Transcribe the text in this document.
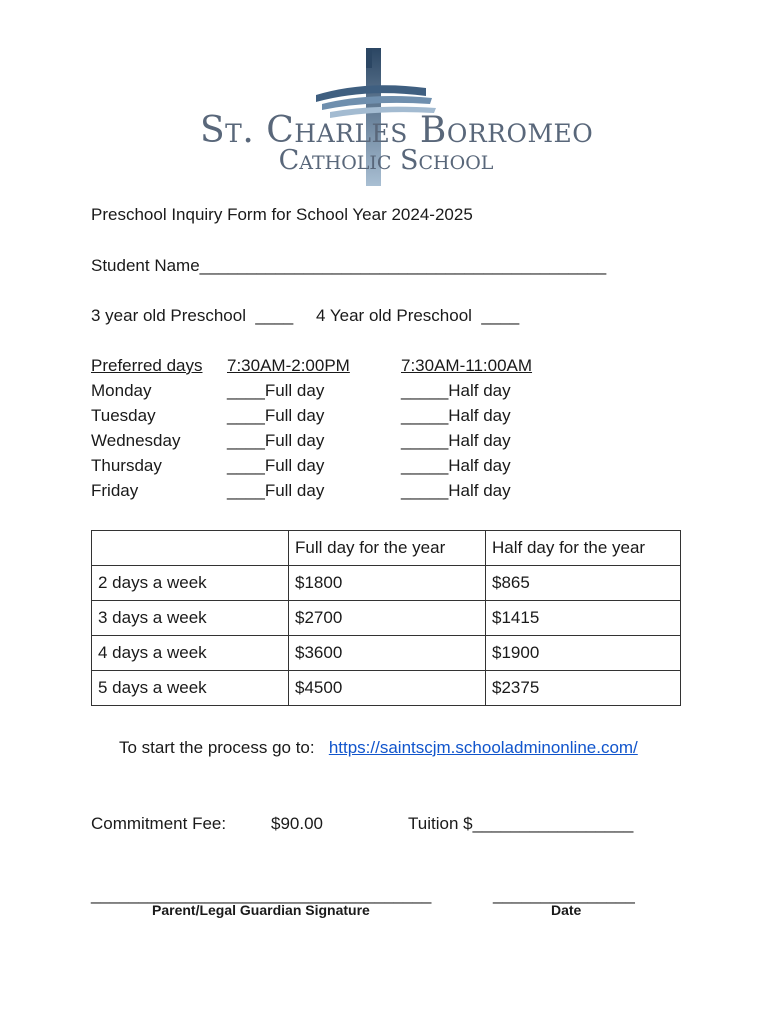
St. Charles Borromeo
Catholic School
Preschool Inquiry Form for School Year 2024-2025
Student Name___________________________________________
3 year old Preschool  ____ 4 Year old Preschool  ____
Preferred days 7:30AM-2:00PM	7:30AM-11:00AM
Monday	____Full day	_____Half day
Tuesday	____Full day	_____Half day
Wednesday	____Full day	_____Half day
Thursday	____Full day	_____Half day
Friday	____Full day	_____Half day
	Full day for the year	Half day for the year
2 days a week	$1800	$865
3 days a week	$2700	$1415
4 days a week	$3600	$1900
5 days a week	$4500	$2375
To start the process go to: https://saintscjm.schooladminonline.com/
Commitment Fee:	$90.00	Tuition $_________________
____________________________________	_______________
Parent/Legal Guardian Signature	Date
